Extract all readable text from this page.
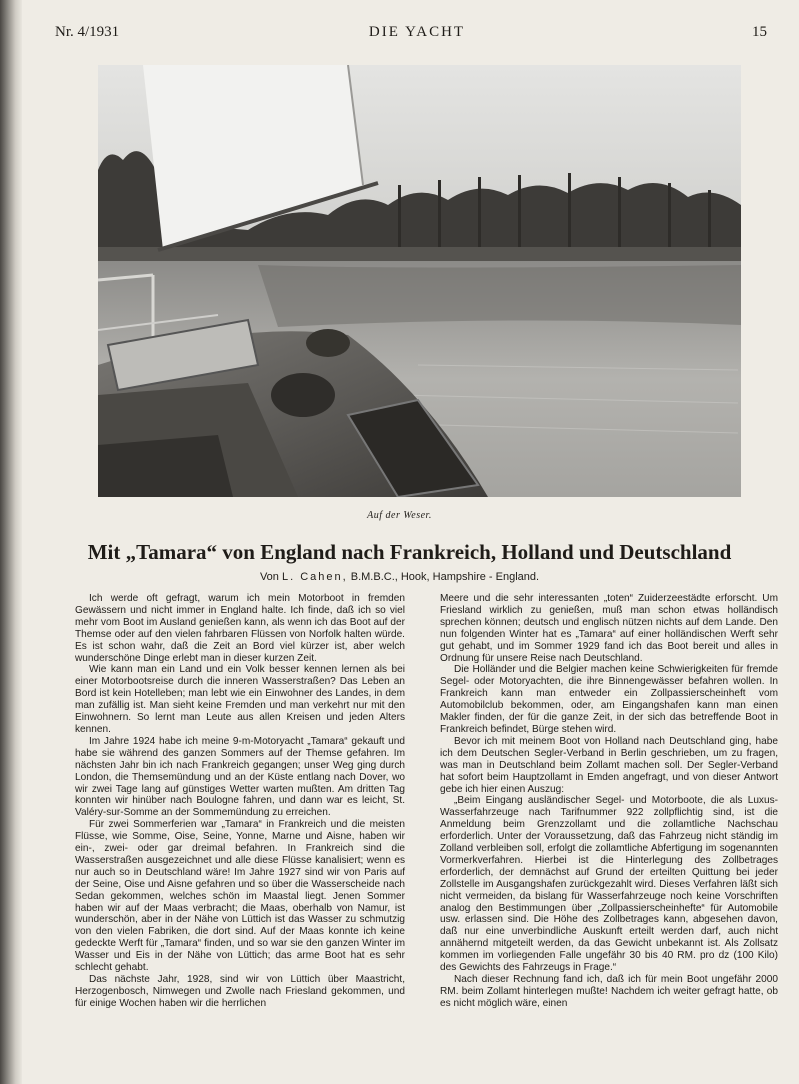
Nr. 4/1931	DIE YACHT	15
Auf der Weser.
Mit „Tamara“ von England nach Frankreich, Holland und Deutschland
Von L. Cahen, B.M.B.C., Hook, Hampshire - England.

Ich werde oft gefragt, warum ich mein Motorboot in fremden Gewässern und nicht immer in England halte. Ich finde, daß ich so viel mehr vom Boot im Ausland genießen kann, als wenn ich das Boot auf der Themse oder auf den vielen fahrbaren Flüssen von Norfolk halten würde. Es ist schon wahr, daß die Zeit an Bord viel kürzer ist, aber welch wunderschöne Dinge erlebt man in dieser kurzen Zeit.

Wie kann man ein Land und ein Volk besser kennen lernen als bei einer Motorbootsreise durch die inneren Wasserstraßen? Das Leben an Bord ist kein Hotelleben; man lebt wie ein Einwohner des Landes, in dem man zufällig ist. Man sieht keine Fremden und man verkehrt nur mit den Einwohnern. So lernt man Leute aus allen Kreisen und jeden Alters kennen.

Im Jahre 1924 habe ich meine 9-m-Motoryacht „Tamara“ gekauft und habe sie während des ganzen Sommers auf der Themse gefahren. Im nächsten Jahr bin ich nach Frankreich gegangen; unser Weg ging durch London, die Themsemündung und an der Küste entlang nach Dover, wo wir zwei Tage lang auf günstiges Wetter warten mußten. Am dritten Tag konnten wir hinüber nach Boulogne fahren, und dann war es leicht, St. Valéry-sur-Somme an der Sommemündung zu erreichen.

Für zwei Sommerferien war „Tamara“ in Frankreich und die meisten Flüsse, wie Somme, Oise, Seine, Yonne, Marne und Aisne, haben wir ein-, zwei- oder gar dreimal befahren. In Frankreich sind die Wasserstraßen ausgezeichnet und alle diese Flüsse kanalisiert; wenn es nur auch so in Deutschland wäre! Im Jahre 1927 sind wir von Paris auf der Seine, Oise und Aisne gefahren und so über die Wasserscheide nach Sedan gekommen, welches schön im Maastal liegt. Jenen Sommer haben wir auf der Maas verbracht; die Maas, oberhalb von Namur, ist wunderschön, aber in der Nähe von Lüttich ist das Wasser zu schmutzig von den vielen Fabriken, die dort sind. Auf der Maas konnte ich keine gedeckte Werft für „Tamara“ finden, und so war sie den ganzen Winter im Wasser und Eis in der Nähe von Lüttich; das arme Boot hat es sehr schlecht gehabt.

Das nächste Jahr, 1928, sind wir von Lüttich über Maastricht, Herzogenbosch, Nimwegen und Zwolle nach Friesland gekommen, und für einige Wochen haben wir die herrlichen

Meere und die sehr interessanten „toten“ Zuiderzeestädte erforscht. Um Friesland wirklich zu genießen, muß man schon etwas holländisch sprechen können; deutsch und englisch nützen nichts auf dem Lande. Den nun folgenden Winter hat es „Tamara“ auf einer holländischen Werft sehr gut gehabt, und im Sommer 1929 fand ich das Boot bereit und alles in Ordnung für unsere Reise nach Deutschland.

Die Holländer und die Belgier machen keine Schwierigkeiten für fremde Segel- oder Motoryachten, die ihre Binnengewässer befahren wollen. In Frankreich kann man entweder ein Zollpassierscheinheft vom Automobilclub bekommen, oder, am Eingangshafen kann man einen Makler finden, der für die ganze Zeit, in der sich das betreffende Boot in Frankreich befindet, Bürge stehen wird.

Bevor ich mit meinem Boot von Holland nach Deutschland ging, habe ich dem Deutschen Segler-Verband in Berlin geschrieben, um zu fragen, was man in Deutschland beim Zollamt machen soll. Der Segler-Verband hat sofort beim Hauptzollamt in Emden angefragt, und von dieser Antwort gebe ich hier einen Auszug:

„Beim Eingang ausländischer Segel- und Motorboote, die als Luxus-Wasserfahrzeuge nach Tarifnummer 922 zollpflichtig sind, ist die Anmeldung beim Grenzzollamt und die zollamtliche Nachschau erforderlich. Unter der Voraussetzung, daß das Fahrzeug nicht ständig im Zolland verbleiben soll, erfolgt die zollamtliche Abfertigung im sogenannten Vormerkverfahren. Hierbei ist die Hinterlegung des Zollbetrages erforderlich, der demnächst auf Grund der erteilten Quittung bei jeder Zollstelle im Ausgangshafen zurückgezahlt wird. Dieses Verfahren läßt sich nicht vermeiden, da bislang für Wasserfahrzeuge noch keine Vorschriften analog den Bestimmungen über „Zollpassierscheinhefte“ für Automobile usw. erlassen sind. Die Höhe des Zollbetrages kann, abgesehen davon, daß nur eine unverbindliche Auskunft erteilt werden darf, auch nicht annähernd mitgeteilt werden, da das Gewicht unbekannt ist. Als Zollsatz kommen im vorliegenden Falle ungefähr 30 bis 40 RM. pro dz (100 Kilo) des Gewichts des Fahrzeugs in Frage.“

Nach dieser Rechnung fand ich, daß ich für mein Boot ungefähr 2000 RM. beim Zollamt hinterlegen mußte! Nachdem ich weiter gefragt hatte, ob es nicht möglich wäre, einen
